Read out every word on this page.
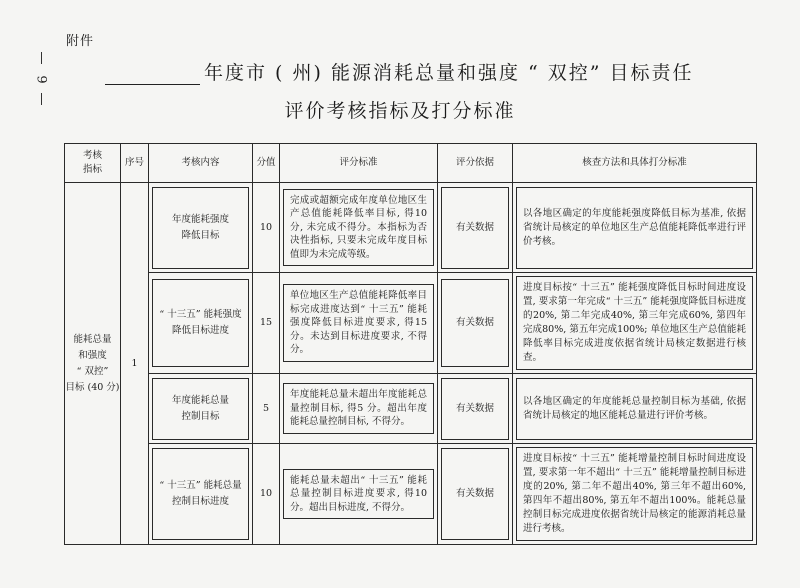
附件
9	年度市 ( 州) 能源消耗总量和强度 “ 双控” 目标责任
评价考核指标及打分标准
考核
指标	序号	考核内容	分值	评分标准	评分依据	核查方法和具体打分标准
能耗总量
和强度
“ 双控”
目标 (40 分)	1	年度能耗强度
降低目标	10	完成或超额完成年度单位地区生产总值能耗降低率目标, 得10 分, 未完成不得分。本指标为否决性指标, 只要未完成年度目标值即为未完成等级。	有关数据	以各地区确定的年度能耗强度降低目标为基准, 依据省统计局核定的单位地区生产总值能耗降低率进行评价考核。

		“ 十三五” 能耗强度
降低目标进度	15	单位地区生产总值能耗降低率目标完成进度达到“ 十三五” 能耗强度降低目标进度要求, 得15 分。未达到目标进度要求, 不得分。	有关数据	进度目标按“ 十三五” 能耗强度降低目标时间进度设置, 要求第一年完成“ 十三五” 能耗强度降低目标进度的20%, 第二年完成40%, 第三年完成60%, 第四年完成80%, 第五年完成100%; 单位地区生产总值能耗降低率目标完成进度依据省统计局核定数据进行核查。

		年度能耗总量
控制目标	5	年度能耗总量未超出年度能耗总量控制目标, 得5 分。超出年度能耗总量控制目标, 不得分。	有关数据	以各地区确定的年度能耗总量控制目标为基础, 依据省统计局核定的地区能耗总量进行评价考核。

		“ 十三五” 能耗总量
控制目标进度	10	能耗总量未超出“ 十三五” 能耗总量控制目标进度要求, 得10 分。超出目标进度, 不得分。	有关数据	进度目标按“ 十三五” 能耗增量控制目标时间进度设置, 要求第一年不超出“ 十三五” 能耗增量控制目标进度的20%, 第二年不超出40%, 第三年不超出60%, 第四年不超出80%, 第五年不超出100%。能耗总量控制目标完成进度依据省统计局核定的能源消耗总量进行考核。
